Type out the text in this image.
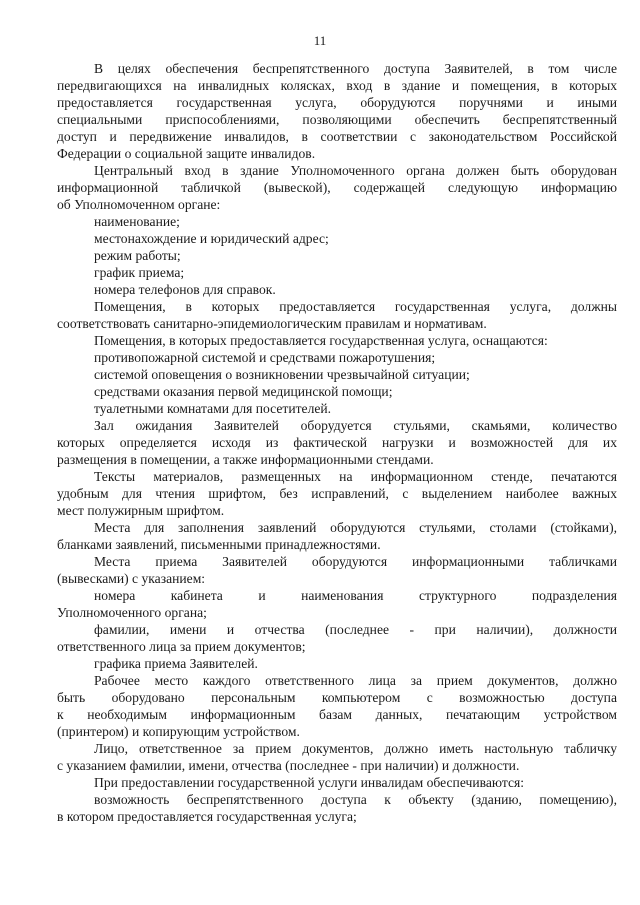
11
В целях обеспечения беспрепятственного доступа Заявителей, в том числе
передвигающихся на инвалидных колясках, вход в здание и помещения, в которых
предоставляется государственная услуга, оборудуются поручнями и иными
специальными приспособлениями, позволяющими обеспечить беспрепятственный
доступ и передвижение инвалидов, в соответствии с законодательством Российской
Федерации о социальной защите инвалидов.
Центральный вход в здание Уполномоченного органа должен быть оборудован
информационной табличкой (вывеской), содержащей следующую информацию
об Уполномоченном органе:
наименование;
местонахождение и юридический адрес;
режим работы;
график приема;
номера телефонов для справок.
Помещения, в которых предоставляется государственная услуга, должны
соответствовать санитарно-эпидемиологическим правилам и нормативам.
Помещения, в которых предоставляется государственная услуга, оснащаются:
противопожарной системой и средствами пожаротушения;
системой оповещения о возникновении чрезвычайной ситуации;
средствами оказания первой медицинской помощи;
туалетными комнатами для посетителей.
Зал ожидания Заявителей оборудуется стульями, скамьями, количество
которых определяется исходя из фактической нагрузки и возможностей для их
размещения в помещении, а также информационными стендами.
Тексты материалов, размещенных на информационном стенде, печатаются
удобным для чтения шрифтом, без исправлений, с выделением наиболее важных
мест полужирным шрифтом.
Места для заполнения заявлений оборудуются стульями, столами (стойками),
бланками заявлений, письменными принадлежностями.
Места приема Заявителей оборудуются информационными табличками
(вывесками) с указанием:
номера кабинета и наименования структурного подразделения
Уполномоченного органа;
фамилии, имени и отчества (последнее - при наличии), должности
ответственного лица за прием документов;
графика приема Заявителей.
Рабочее место каждого ответственного лица за прием документов, должно
быть оборудовано персональным компьютером с возможностью доступа
к необходимым информационным базам данных, печатающим устройством
(принтером) и копирующим устройством.
Лицо, ответственное за прием документов, должно иметь настольную табличку
с указанием фамилии, имени, отчества (последнее - при наличии) и должности.
При предоставлении государственной услуги инвалидам обеспечиваются:
возможность беспрепятственного доступа к объекту (зданию, помещению),
в котором предоставляется государственная услуга;
